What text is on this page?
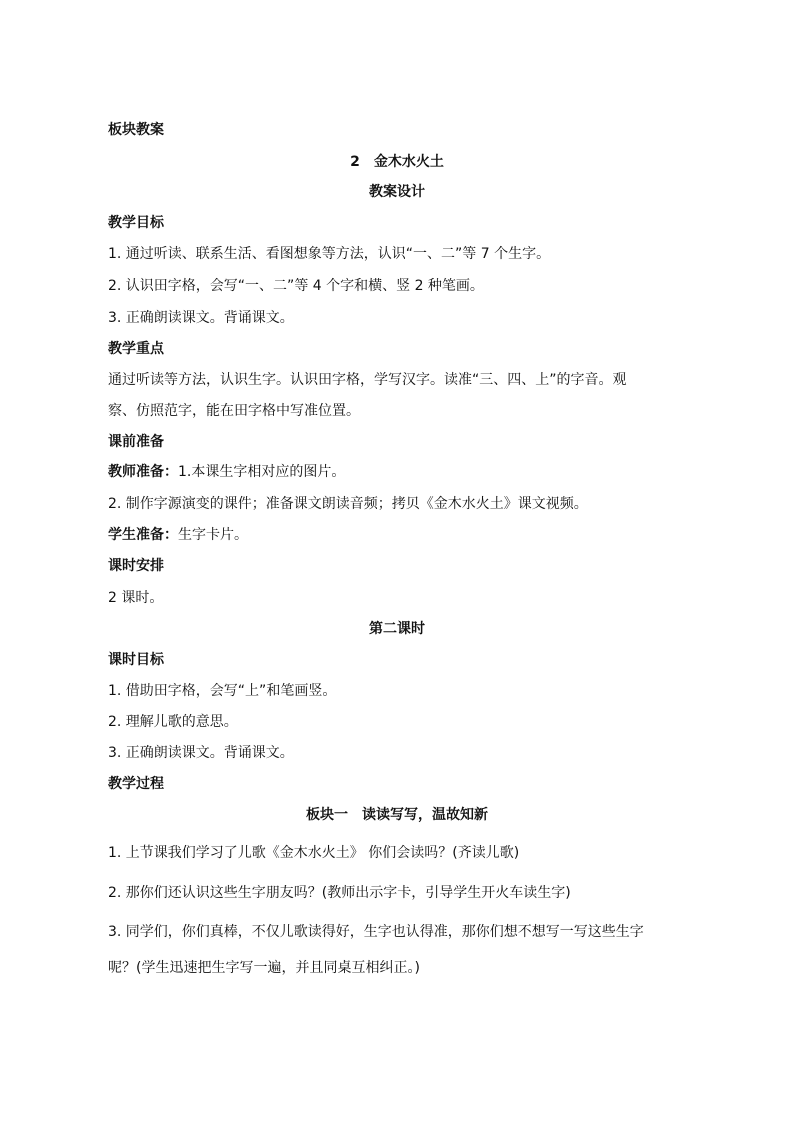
板块教案
2　金木水火土
教案设计
教学目标
1. 通过听读、联系生活、看图想象等方法，认识“一、二”等 7 个生字。
2. 认识田字格，会写“一、二”等 4 个字和横、竖 2 种笔画。
3. 正确朗读课文。背诵课文。
教学重点
通过听读等方法，认识生字。认识田字格，学写汉字。读准“三、四、上”的字音。观
察、仿照范字，能在田字格中写准位置。
课前准备
教师准备：1.本课生字相对应的图片。
2. 制作字源演变的课件；准备课文朗读音频；拷贝《金木水火土》课文视频。
学生准备：生字卡片。
课时安排
2 课时。
第二课时
课时目标
1. 借助田字格，会写“上”和笔画竖。
2. 理解儿歌的意思。
3. 正确朗读课文。背诵课文。
教学过程
板块一　读读写写，温故知新
1. 上节课我们学习了儿歌《金木水火土》 你们会读吗？(齐读儿歌)
2. 那你们还认识这些生字朋友吗？(教师出示字卡，引导学生开火车读生字)
3. 同学们，你们真棒，不仅儿歌读得好，生字也认得准，那你们想不想写一写这些生字
呢？(学生迅速把生字写一遍，并且同桌互相纠正。)
